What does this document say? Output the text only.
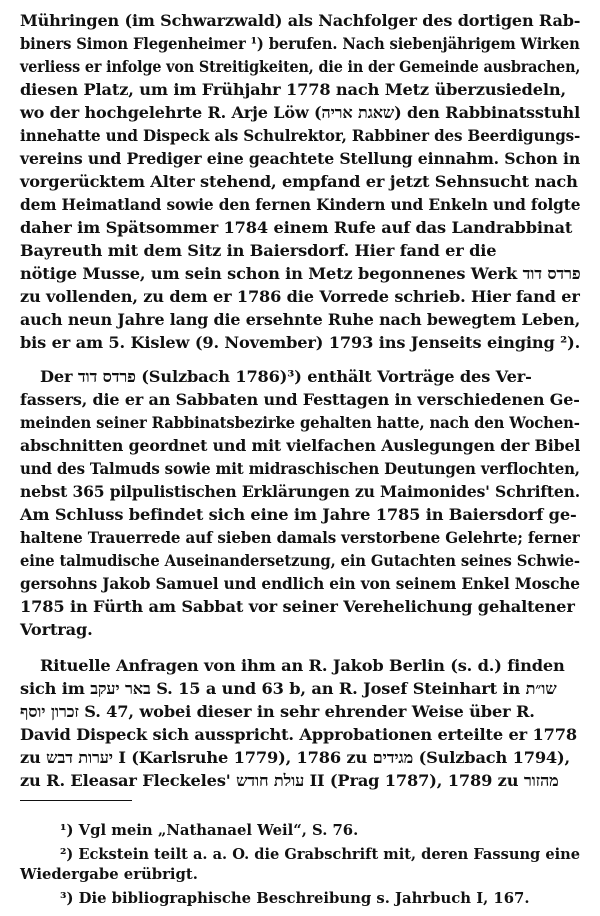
Mühringen (im Schwarzwald) als Nachfolger des dortigen Rab-
biners Simon Flegenheimer ¹) berufen. Nach siebenjährigem Wirken
verliess er infolge von Streitigkeiten, die in der Gemeinde ausbrachen,
diesen Platz, um im Frühjahr 1778 nach Metz überzusiedeln,
wo der hochgelehrte R. Arje Löw (שאגת אריה) den Rabbinatsstuhl
innehatte und Dispeck als Schulrektor, Rabbiner des Beerdigungs-
vereins und Prediger eine geachtete Stellung einnahm. Schon in
vorgerücktem Alter stehend, empfand er jetzt Sehnsucht nach
dem Heimatland sowie den fernen Kindern und Enkeln und folgte
daher im Spätsommer 1784 einem Rufe auf das Landrabbinat
Bayreuth mit dem Sitz in Baiersdorf. Hier fand er die
nötige Musse, um sein schon in Metz begonnenes Werk פרדס דוד
zu vollenden, zu dem er 1786 die Vorrede schrieb. Hier fand er
auch neun Jahre lang die ersehnte Ruhe nach bewegtem Leben,
bis er am 5. Kislew (9. November) 1793 ins Jenseits einging ²).
Der פרדס דוד (Sulzbach 1786)³) enthält Vorträge des Ver-
fassers, die er an Sabbaten und Festtagen in verschiedenen Ge-
meinden seiner Rabbinatsbezirke gehalten hatte, nach den Wochen-
abschnitten geordnet und mit vielfachen Auslegungen der Bibel
und des Talmuds sowie mit midraschischen Deutungen verflochten,
nebst 365 pilpulistischen Erklärungen zu Maimonides' Schriften.
Am Schluss befindet sich eine im Jahre 1785 in Baiersdorf ge-
haltene Trauerrede auf sieben damals verstorbene Gelehrte; ferner
eine talmudische Auseinandersetzung, ein Gutachten seines Schwie-
gersohns Jakob Samuel und endlich ein von seinem Enkel Mosche
1785 in Fürth am Sabbat vor seiner Verehelichung gehaltener
Vortrag.
Rituelle Anfragen von ihm an R. Jakob Berlin (s. d.) finden
sich im באר יעקב S. 15 a und 63 b, an R. Josef Steinhart in שו״ת
זכרון יוסף S. 47, wobei dieser in sehr ehrender Weise über R.
David Dispeck sich ausspricht. Approbationen erteilte er 1778
zu יערות דבש I (Karlsruhe 1779), 1786 zu מגידים (Sulzbach 1794),
zu R. Eleasar Fleckeles' עולת חודש II (Prag 1787), 1789 zu מהזור
¹) Vgl mein „Nathanael Weil“, S. 76.
²) Eckstein teilt a. a. O. die Grabschrift mit, deren Fassung eine
Wiedergabe erübrigt.
³) Die bibliographische Beschreibung s. Jahrbuch I, 167.
